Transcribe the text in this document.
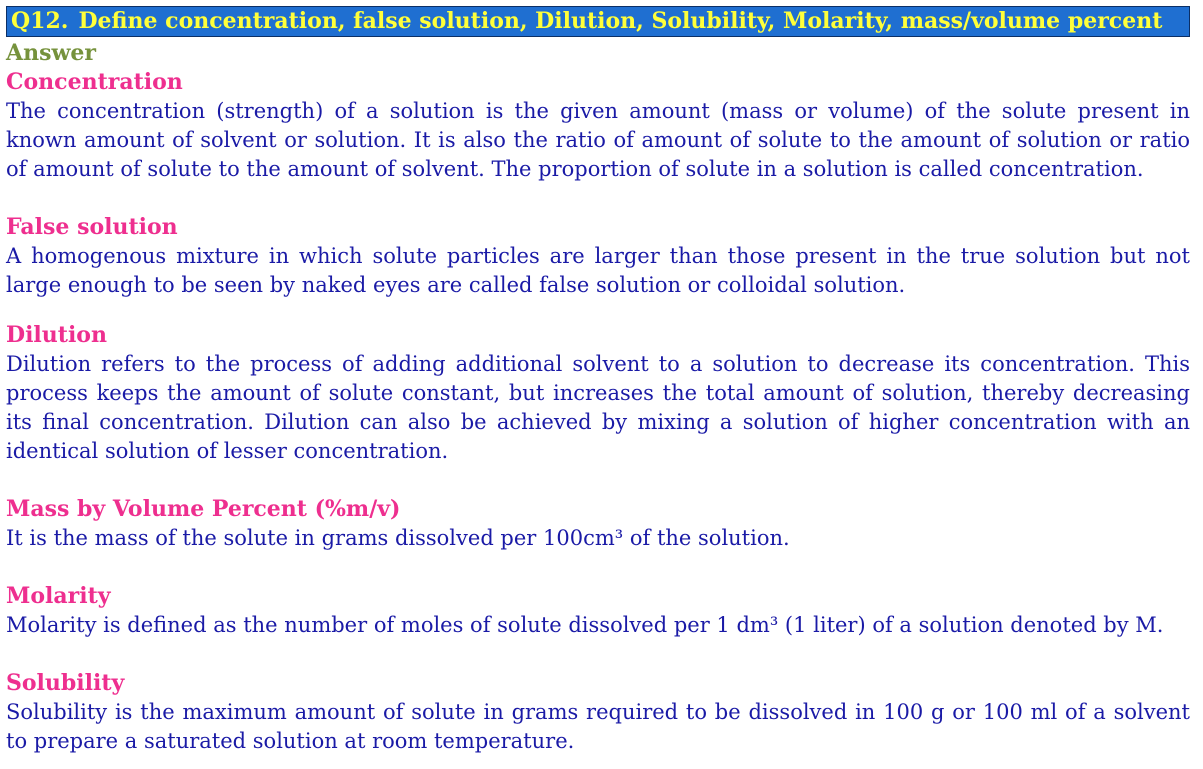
Q12. Define concentration, false solution, Dilution, Solubility, Molarity, mass/volume percent
Answer
Concentration

The concentration (strength) of a solution is the given amount (mass or volume) of the solute present in known amount of solvent or solution. It is also the ratio of amount of solute to the amount of solution or ratio of amount of solute to the amount of solvent. The proportion of solute in a solution is called concentration.

False solution

A homogenous mixture in which solute particles are larger than those present in the true solution but not large enough to be seen by naked eyes are called false solution or colloidal solution.

Dilution

Dilution refers to the process of adding additional solvent to a solution to decrease its concentration. This process keeps the amount of solute constant, but increases the total amount of solution, thereby decreasing its final concentration. Dilution can also be achieved by mixing a solution of higher concentration with an identical solution of lesser concentration.

Mass by Volume Percent (%m/v)

It is the mass of the solute in grams dissolved per 100cm³ of the solution.

Molarity

Molarity is defined as the number of moles of solute dissolved per 1 dm³ (1 liter) of a solution denoted by M.

Solubility

Solubility is the maximum amount of solute in grams required to be dissolved in 100 g or 100 ml of a solvent to prepare a saturated solution at room temperature.
